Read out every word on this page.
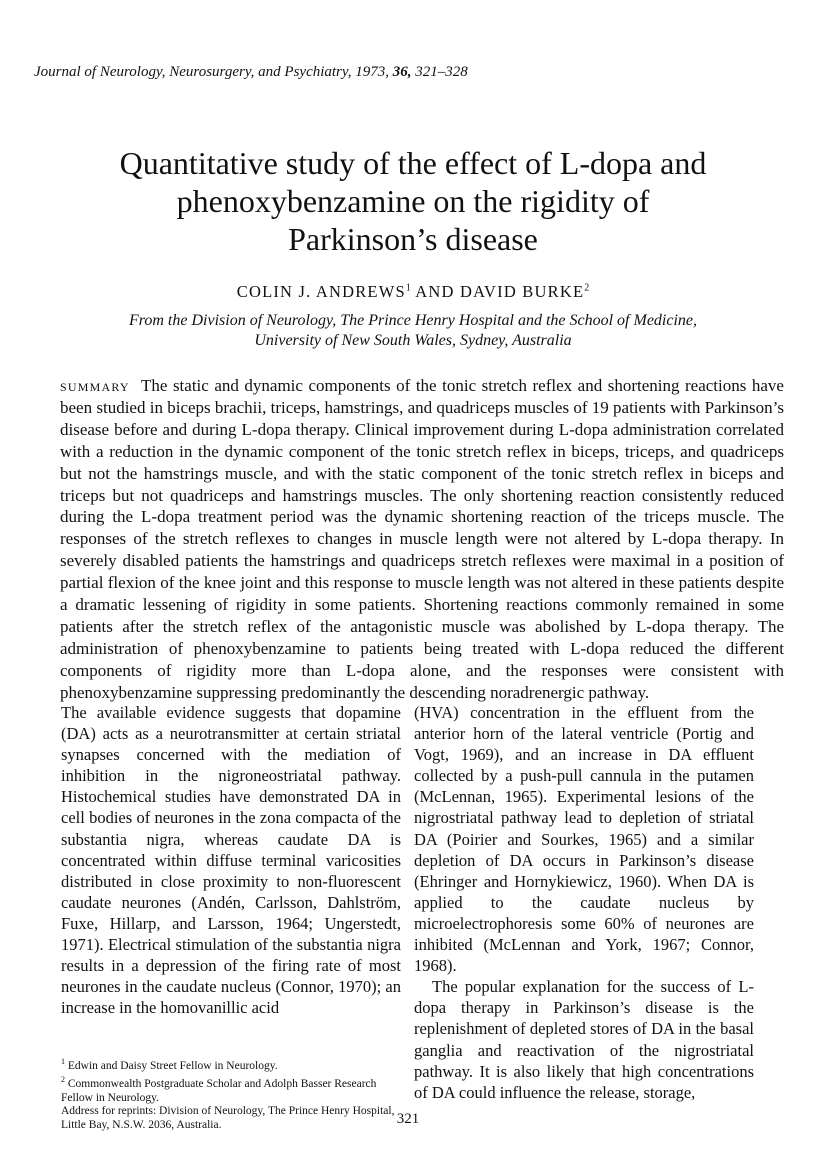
Journal of Neurology, Neurosurgery, and Psychiatry, 1973, 36, 321–328
Quantitative study of the effect of L-dopa and
phenoxybenzamine on the rigidity of
Parkinson’s disease
COLIN J. ANDREWS$^1$ AND DAVID BURKE$^2$
From the Division of Neurology, The Prince Henry Hospital and the School of Medicine,
University of New South Wales, Sydney, Australia

summary The static and dynamic components of the tonic stretch reflex and shortening reactions have been studied in biceps brachii, triceps, hamstrings, and quadriceps muscles of 19 patients with Parkinson’s disease before and during L-dopa therapy. Clinical improvement during L-dopa administration correlated with a reduction in the dynamic component of the tonic stretch reflex in biceps, triceps, and quadriceps but not the hamstrings muscle, and with the static component of the tonic stretch reflex in biceps and triceps but not quadriceps and hamstrings muscles. The only shortening reaction consistently reduced during the L-dopa treatment period was the dynamic shortening reaction of the triceps muscle. The responses of the stretch reflexes to changes in muscle length were not altered by L-dopa therapy. In severely disabled patients the hamstrings and quadriceps stretch reflexes were maximal in a position of partial flexion of the knee joint and this response to muscle length was not altered in these patients despite a dramatic lessening of rigidity in some patients. Shortening reactions commonly remained in some patients after the stretch reflex of the antagonistic muscle was abolished by L-dopa therapy. The administration of phenoxybenzamine to patients being treated with L-dopa reduced the different components of rigidity more than L-dopa alone, and the responses were consistent with phenoxybenzamine suppressing predominantly the descending noradrenergic pathway.

The available evidence suggests that dopamine (DA) acts as a neurotransmitter at certain striatal synapses concerned with the mediation of inhibition in the nigroneostriatal pathway. Histochemical studies have demonstrated DA in cell bodies of neurones in the zona compacta of the substantia nigra, whereas caudate DA is concentrated within diffuse terminal varicosities distributed in close proximity to non-fluorescent caudate neurones (Andén, Carlsson, Dahlström, Fuxe, Hillarp, and Larsson, 1964; Ungerstedt, 1971). Electrical stimulation of the substantia nigra results in a depression of the firing rate of most neurones in the caudate nucleus (Connor, 1970); an increase in the homovanillic acid

(HVA) concentration in the effluent from the anterior horn of the lateral ventricle (Portig and Vogt, 1969), and an increase in DA effluent collected by a push-pull cannula in the putamen (McLennan, 1965). Experimental lesions of the nigrostriatal pathway lead to depletion of striatal DA (Poirier and Sourkes, 1965) and a similar depletion of DA occurs in Parkinson’s disease (Ehringer and Hornykiewicz, 1960). When DA is applied to the caudate nucleus by microelectrophoresis some 60% of neurones are inhibited (McLennan and York, 1967; Connor, 1968).

The popular explanation for the success of L-dopa therapy in Parkinson’s disease is the replenishment of depleted stores of DA in the basal ganglia and reactivation of the nigrostriatal pathway. It is also likely that high concentrations of DA could influence the release, storage,

$^1$ Edwin and Daisy Street Fellow in Neurology.
$^2$ Commonwealth Postgraduate Scholar and Adolph Basser Research Fellow in Neurology.
Address for reprints: Division of Neurology, The Prince Henry Hospital, Little Bay, N.S.W. 2036, Australia.	321
